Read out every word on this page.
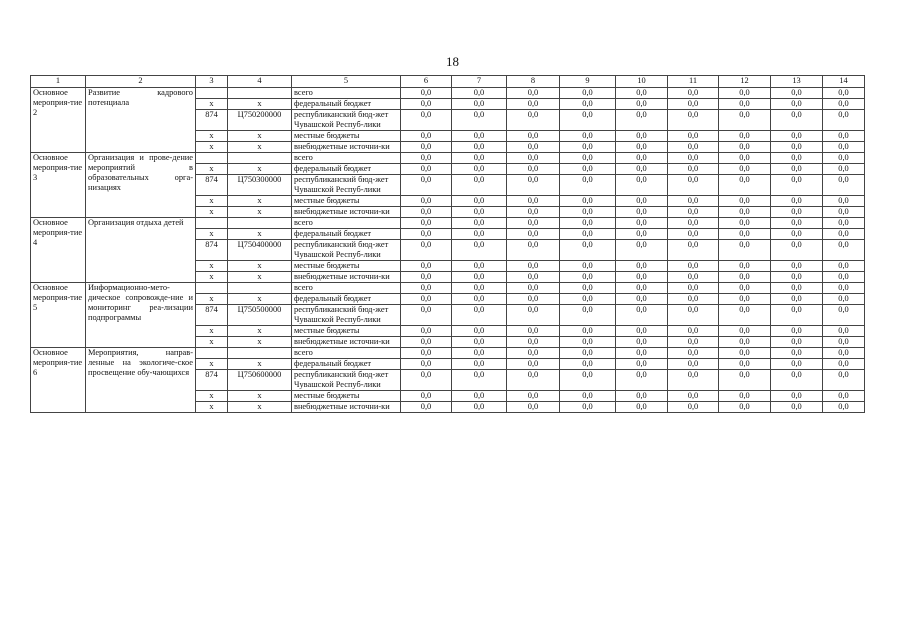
18
1	2	3	4	5	6	7	8	9	10	11	12	13	14
Основное мероприя-тие 2	Развитие кадрового потенциала			всего	0,0	0,0	0,0	0,0	0,0	0,0	0,0	0,0	0,0
		x	x	федеральный бюджет	0,0	0,0	0,0	0,0	0,0	0,0	0,0	0,0	0,0
		874	Ц750200000	республиканский бюд-жет Чувашской Респуб-лики	0,0	0,0	0,0	0,0	0,0	0,0	0,0	0,0	0,0
		x	x	местные бюджеты	0,0	0,0	0,0	0,0	0,0	0,0	0,0	0,0	0,0
		x	x	внебюджетные источни-ки	0,0	0,0	0,0	0,0	0,0	0,0	0,0	0,0	0,0
Основное мероприя-тие 3	Организация и прове-дение мероприятий в образовательных орга-низациях			всего	0,0	0,0	0,0	0,0	0,0	0,0	0,0	0,0	0,0
		x	x	федеральный бюджет	0,0	0,0	0,0	0,0	0,0	0,0	0,0	0,0	0,0
		874	Ц750300000	республиканский бюд-жет Чувашской Респуб-лики	0,0	0,0	0,0	0,0	0,0	0,0	0,0	0,0	0,0
		x	x	местные бюджеты	0,0	0,0	0,0	0,0	0,0	0,0	0,0	0,0	0,0
		x	x	внебюджетные источни-ки	0,0	0,0	0,0	0,0	0,0	0,0	0,0	0,0	0,0
Основное мероприя-тие 4	Организация отдыха детей			всего	0,0	0,0	0,0	0,0	0,0	0,0	0,0	0,0	0,0
		x	x	федеральный бюджет	0,0	0,0	0,0	0,0	0,0	0,0	0,0	0,0	0,0
		874	Ц750400000	республиканский бюд-жет Чувашской Респуб-лики	0,0	0,0	0,0	0,0	0,0	0,0	0,0	0,0	0,0
		x	x	местные бюджеты	0,0	0,0	0,0	0,0	0,0	0,0	0,0	0,0	0,0
		x	x	внебюджетные источни-ки	0,0	0,0	0,0	0,0	0,0	0,0	0,0	0,0	0,0
Основное мероприя-тие 5	Информационно-мето-дическое сопровожде-ние и мониторинг реа-лизации подпрограммы			всего	0,0	0,0	0,0	0,0	0,0	0,0	0,0	0,0	0,0
		x	x	федеральный бюджет	0,0	0,0	0,0	0,0	0,0	0,0	0,0	0,0	0,0
		874	Ц750500000	республиканский бюд-жет Чувашской Респуб-лики	0,0	0,0	0,0	0,0	0,0	0,0	0,0	0,0	0,0
		x	x	местные бюджеты	0,0	0,0	0,0	0,0	0,0	0,0	0,0	0,0	0,0
		x	x	внебюджетные источни-ки	0,0	0,0	0,0	0,0	0,0	0,0	0,0	0,0	0,0
Основное мероприя-тие 6	Мероприятия, направ-ленные на экологиче-ское просвещение обу-чающихся			всего	0,0	0,0	0,0	0,0	0,0	0,0	0,0	0,0	0,0
		x	x	федеральный бюджет	0,0	0,0	0,0	0,0	0,0	0,0	0,0	0,0	0,0
		874	Ц750600000	республиканский бюд-жет Чувашской Респуб-лики	0,0	0,0	0,0	0,0	0,0	0,0	0,0	0,0	0,0
		x	x	местные бюджеты	0,0	0,0	0,0	0,0	0,0	0,0	0,0	0,0	0,0
		x	x	внебюджетные источни-ки	0,0	0,0	0,0	0,0	0,0	0,0	0,0	0,0	0,0
